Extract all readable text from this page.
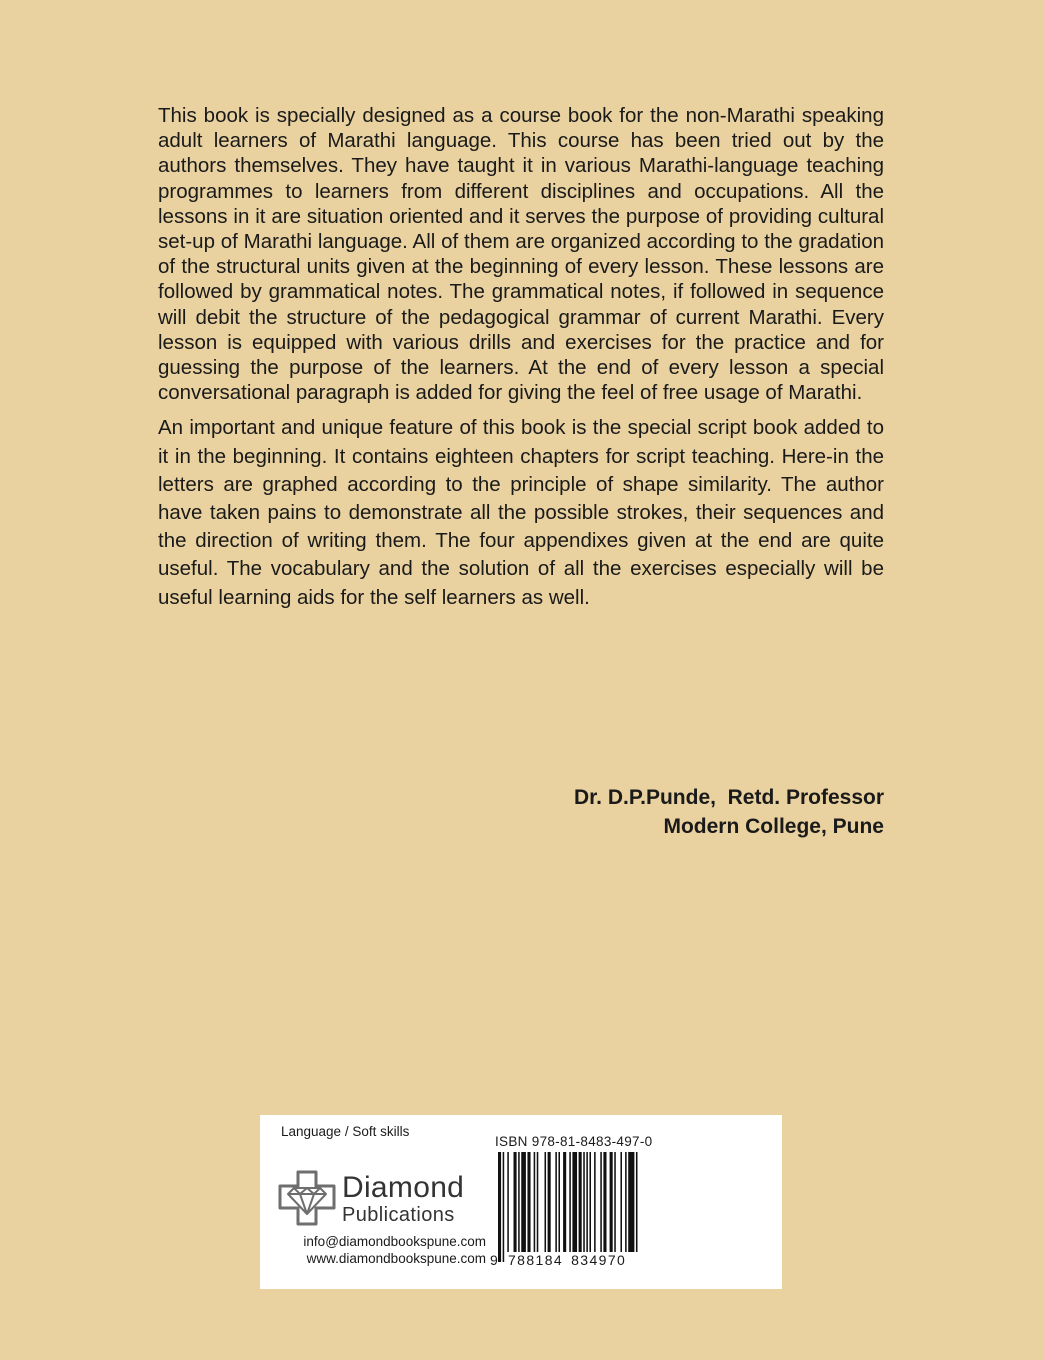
This book is specially designed as a course book for the non-Marathi speaking adult learners of Marathi language. This course has been tried out by the authors themselves. They have taught it in various Marathi-language teaching programmes to learners from different disciplines and occupations. All the lessons in it are situation oriented and it serves the purpose of providing cultural set-up of Marathi language. All of them are organized according to the gradation of the structural units given at the beginning of every lesson. These lessons are followed by grammatical notes. The grammatical notes, if followed in sequence will debit the structure of the pedagogical grammar of current Marathi. Every lesson is equipped with various drills and exercises for the practice and for guessing the purpose of the learners. At the end of every lesson a special conversational paragraph is added for giving the feel of free usage of Marathi.

An important and unique feature of this book is the special script book added to it in the beginning. It contains eighteen chapters for script teaching. Here-in the letters are graphed according to the principle of shape similarity. The author have taken pains to demonstrate all the possible strokes, their sequences and the direction of writing them. The four appendixes given at the end are quite useful. The vocabulary and the solution of all the exercises especially will be useful learning aids for the self learners as well.

Dr. D.P.Punde,  Retd. Professor
Modern College, Pune
Language / Soft skills
Diamond
Publications
info@diamondbookspune.com
www.diamondbookspune.com
ISBN 978-81-8483-497-0
9 788184 834970
